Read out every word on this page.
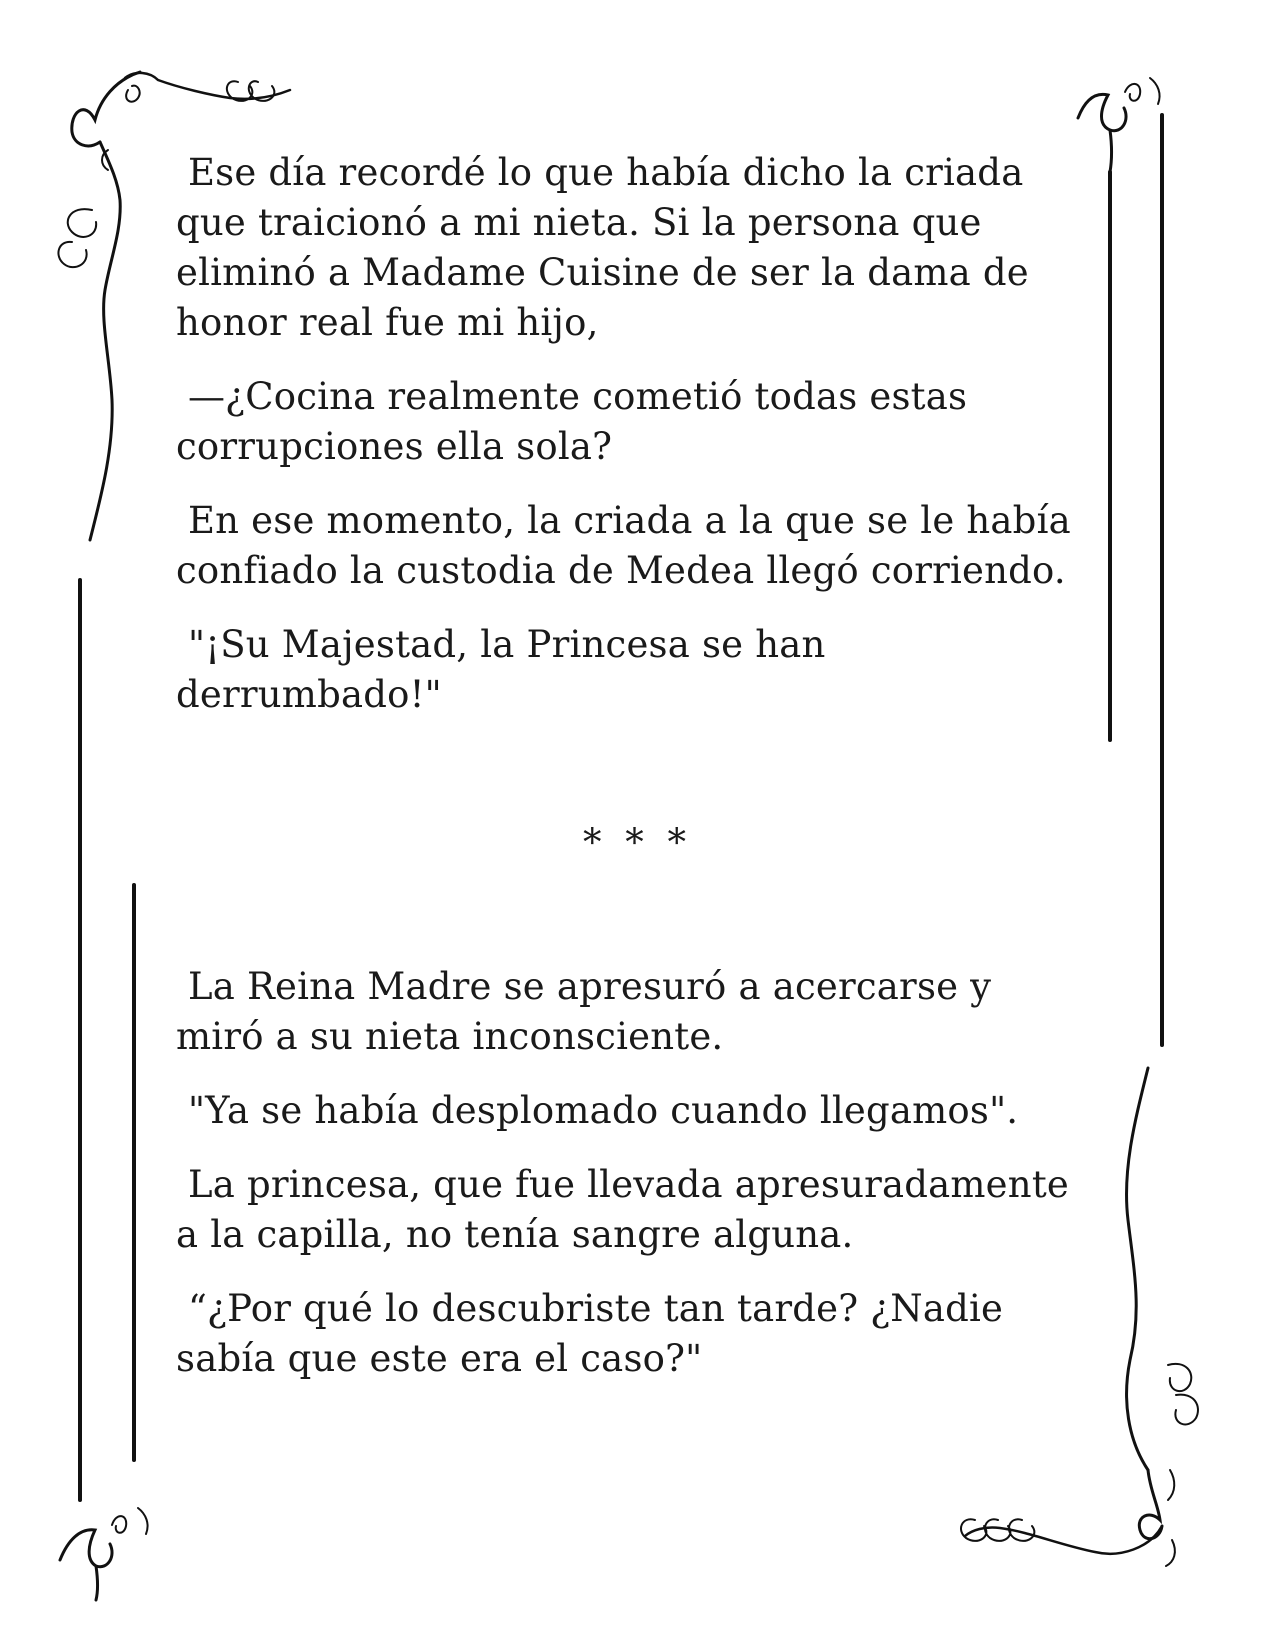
Ese día recordé lo que había dicho la criada
que traicionó a mi nieta. Si la persona que
eliminó a Madame Cuisine de ser la dama de
honor real fue mi hijo,

—¿Cocina realmente cometió todas estas
corrupciones ella sola?

En ese momento, la criada a la que se le había
confiado la custodia de Medea llegó corriendo.

"¡Su Majestad, la Princesa se han
derrumbado!"

* * *

La Reina Madre se apresuró a acercarse y
miró a su nieta inconsciente.

"Ya se había desplomado cuando llegamos".

La princesa, que fue llevada apresuradamente
a la capilla, no tenía sangre alguna.

“¿Por qué lo descubriste tan tarde? ¿Nadie
sabía que este era el caso?"
